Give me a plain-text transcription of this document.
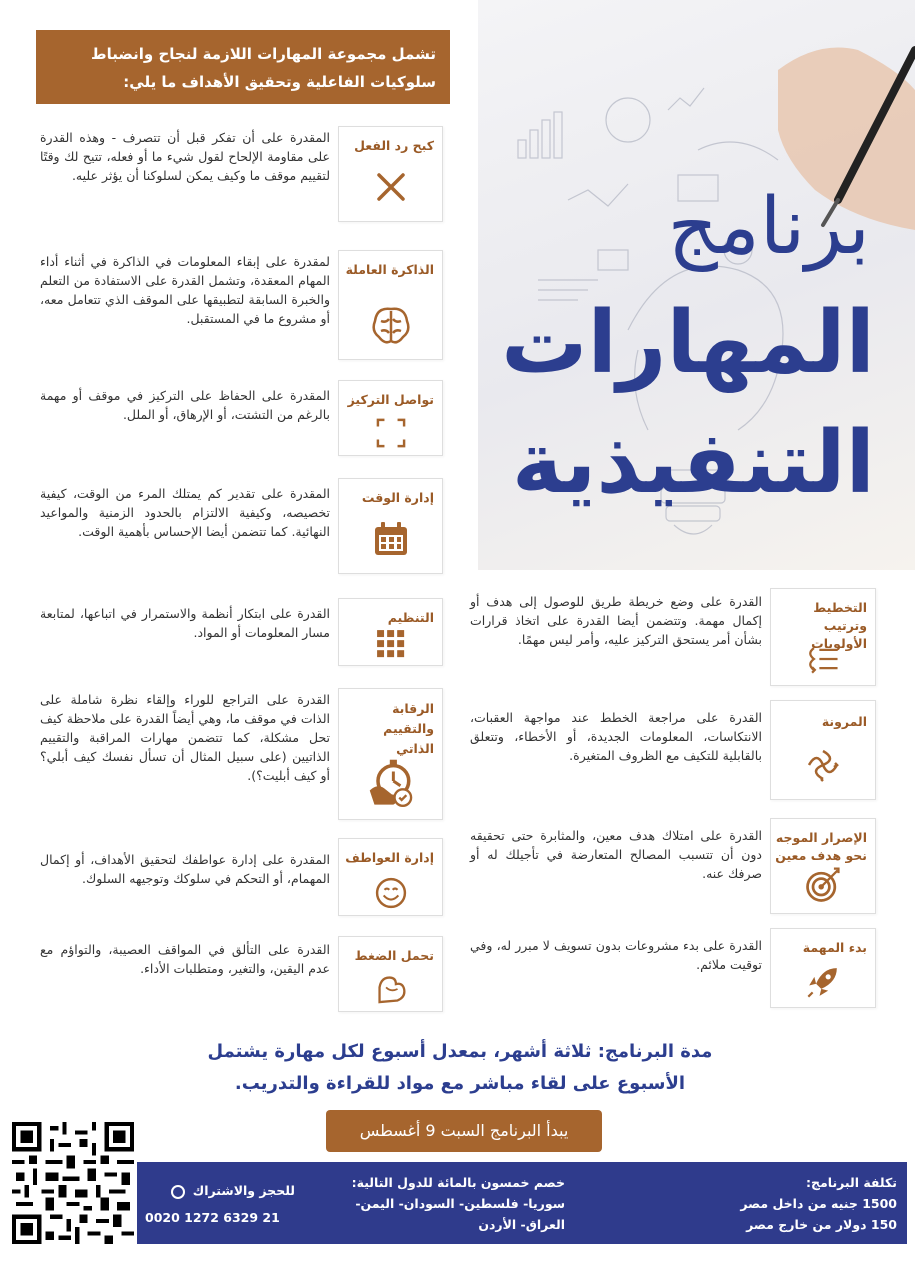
برنامج
المهارات
التنفيذية
تشمل مجموعة المهارات اللازمة لنجاح وانضباط سلوكيات الفاعلية وتحقيق الأهداف ما يلي:
كبح رد الفعل
المقدرة على أن تفكر قبل أن تتصرف - وهذه القدرة على مقاومة الإلحاح لقول شيء ما أو فعله، تتيح لك وقتًا لتقييم موقف ما وكيف يمكن لسلوكنا أن يؤثر عليه.
الذاكرة العاملة
لمقدرة على إبقاء المعلومات في الذاكرة في أثناء أداء المهام المعقدة، وتشمل القدرة على الاستفادة من التعلم والخبرة السابقة لتطبيقها على الموقف الذي تتعامل معه، أو مشروع ما في المستقبل.
تواصل التركيز
المقدرة على الحفاظ على التركيز في موقف أو مهمة بالرغم من التشتت، أو الإرهاق، أو الملل.
إدارة الوقت
المقدرة على تقدير كم يمتلك المرء من الوقت، كيفية تخصيصه، وكيفية الالتزام بالحدود الزمنية والمواعيد النهائية. كما تتضمن أيضا الإحساس بأهمية الوقت.
التنظيم
القدرة على ابتكار أنظمة والاستمرار في اتباعها، لمتابعة مسار المعلومات أو المواد.
الرقابة والتقييم الذاتي
القدرة على التراجع للوراء وإلقاء نظرة شاملة على الذات في موقف ما، وهي أيضاً القدرة على ملاحظة كيف تحل مشكلة، كما تتضمن مهارات المراقبة والتقييم الذاتيين (على سبيل المثال أن تسأل نفسك كيف أبلي؟ أو كيف أبليت؟).
إدارة العواطف
المقدرة على إدارة عواطفك لتحقيق الأهداف، أو إكمال المهمام، أو التحكم في سلوكك وتوجيهه السلوك.
تحمل الضغط
القدرة على التألق في المواقف العصيبة، والتواؤم مع عدم اليقين، والتغير، ومتطلبات الأداء.
التخطيط وترتيب الأولويات
القدرة على وضع خريطة طريق للوصول إلى هدف أو إكمال مهمة. وتتضمن أيضا القدرة على اتخاذ قرارات بشأن أمر يستحق التركيز عليه، وأمر ليس مهمًا.
المرونة
القدرة على مراجعة الخطط عند مواجهة العقبات، الانتكاسات، المعلومات الجديدة، أو الأخطاء، وتتعلق بالقابلية للتكيف مع الظروف المتغيرة.
الإصرار الموجه نحو هدف معين
القدرة على امتلاك هدف معين، والمثابرة حتى تحقيقه دون أن تتسبب المصالح المتعارضة في تأجيلك له أو صرفك عنه.
بدء المهمة
القدرة على بدء مشروعات بدون تسويف لا مبرر له، وفي توقيت ملائم.
مدة البرنامج: ثلاثة أشهر، بمعدل أسبوع لكل مهارة يشتمل
الأسبوع على لقاء مباشر مع مواد للقراءة والتدريب.
يبدأ البرنامج السبت 9 أغسطس
تكلفة البرنامج:
1500 جنيه من داخل مصر
150 دولار من خارج مصر
خصم خمسون بالمائة للدول التالية:
سوريا- فلسطين- السودان- اليمن-
العراق- الأردن
للحجز والاشتراك
0020 1272 6329 21
